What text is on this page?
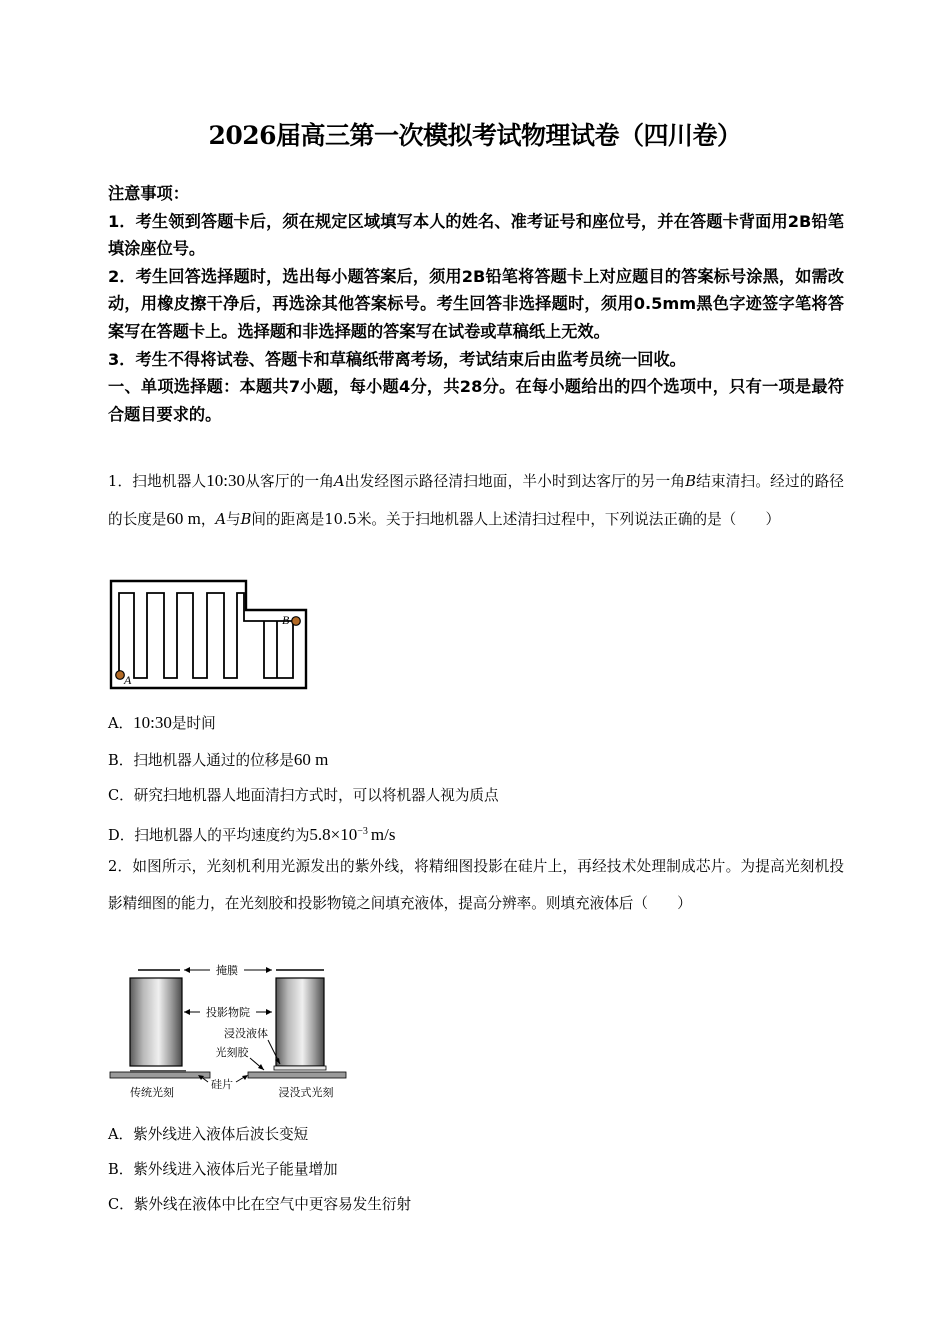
2026届高三第一次模拟考试物理试卷（四川卷）

注意事项：

1．考生领到答题卡后，须在规定区域填写本人的姓名、准考证号和座位号，并在答题卡背面用2B铅笔填涂座位号。

2．考生回答选择题时，选出每小题答案后，须用2B铅笔将答题卡上对应题目的答案标号涂黑，如需改动，用橡皮擦干净后，再选涂其他答案标号。考生回答非选择题时，须用0.5mm黑色字迹签字笔将答案写在答题卡上。选择题和非选择题的答案写在试卷或草稿纸上无效。

3．考生不得将试卷、答题卡和草稿纸带离考场，考试结束后由监考员统一回收。

一、单项选择题：本题共7小题，每小题4分，共28分。在每小题给出的四个选项中，只有一项是最符合题目要求的。

1．扫地机器人10:30从客厅的一角A出发经图示路径清扫地面，半小时到达客厅的另一角B结束清扫。经过的路径的长度是60 m，A与B间的距离是10.5米。关于扫地机器人上述清扫过程中，下列说法正确的是（　　）

A
B
A．10:30是时间
B．扫地机器人通过的位移是60 m
C．研究扫地机器人地面清扫方式时，可以将机器人视为质点
D．扫地机器人的平均速度约为$5.8\times 10^{-3}$ m/s

2．如图所示，光刻机利用光源发出的紫外线，将精细图投影在硅片上，再经技术处理制成芯片。为提高光刻机投影精细图的能力，在光刻胶和投影物镜之间填充液体，提高分辨率。则填充液体后（　　）

掩膜
投影物院
浸没液体
光刻胶
硅片
传统光刻	浸没式光刻
A．紫外线进入液体后波长变短
B．紫外线进入液体后光子能量增加
C．紫外线在液体中比在空气中更容易发生衍射
